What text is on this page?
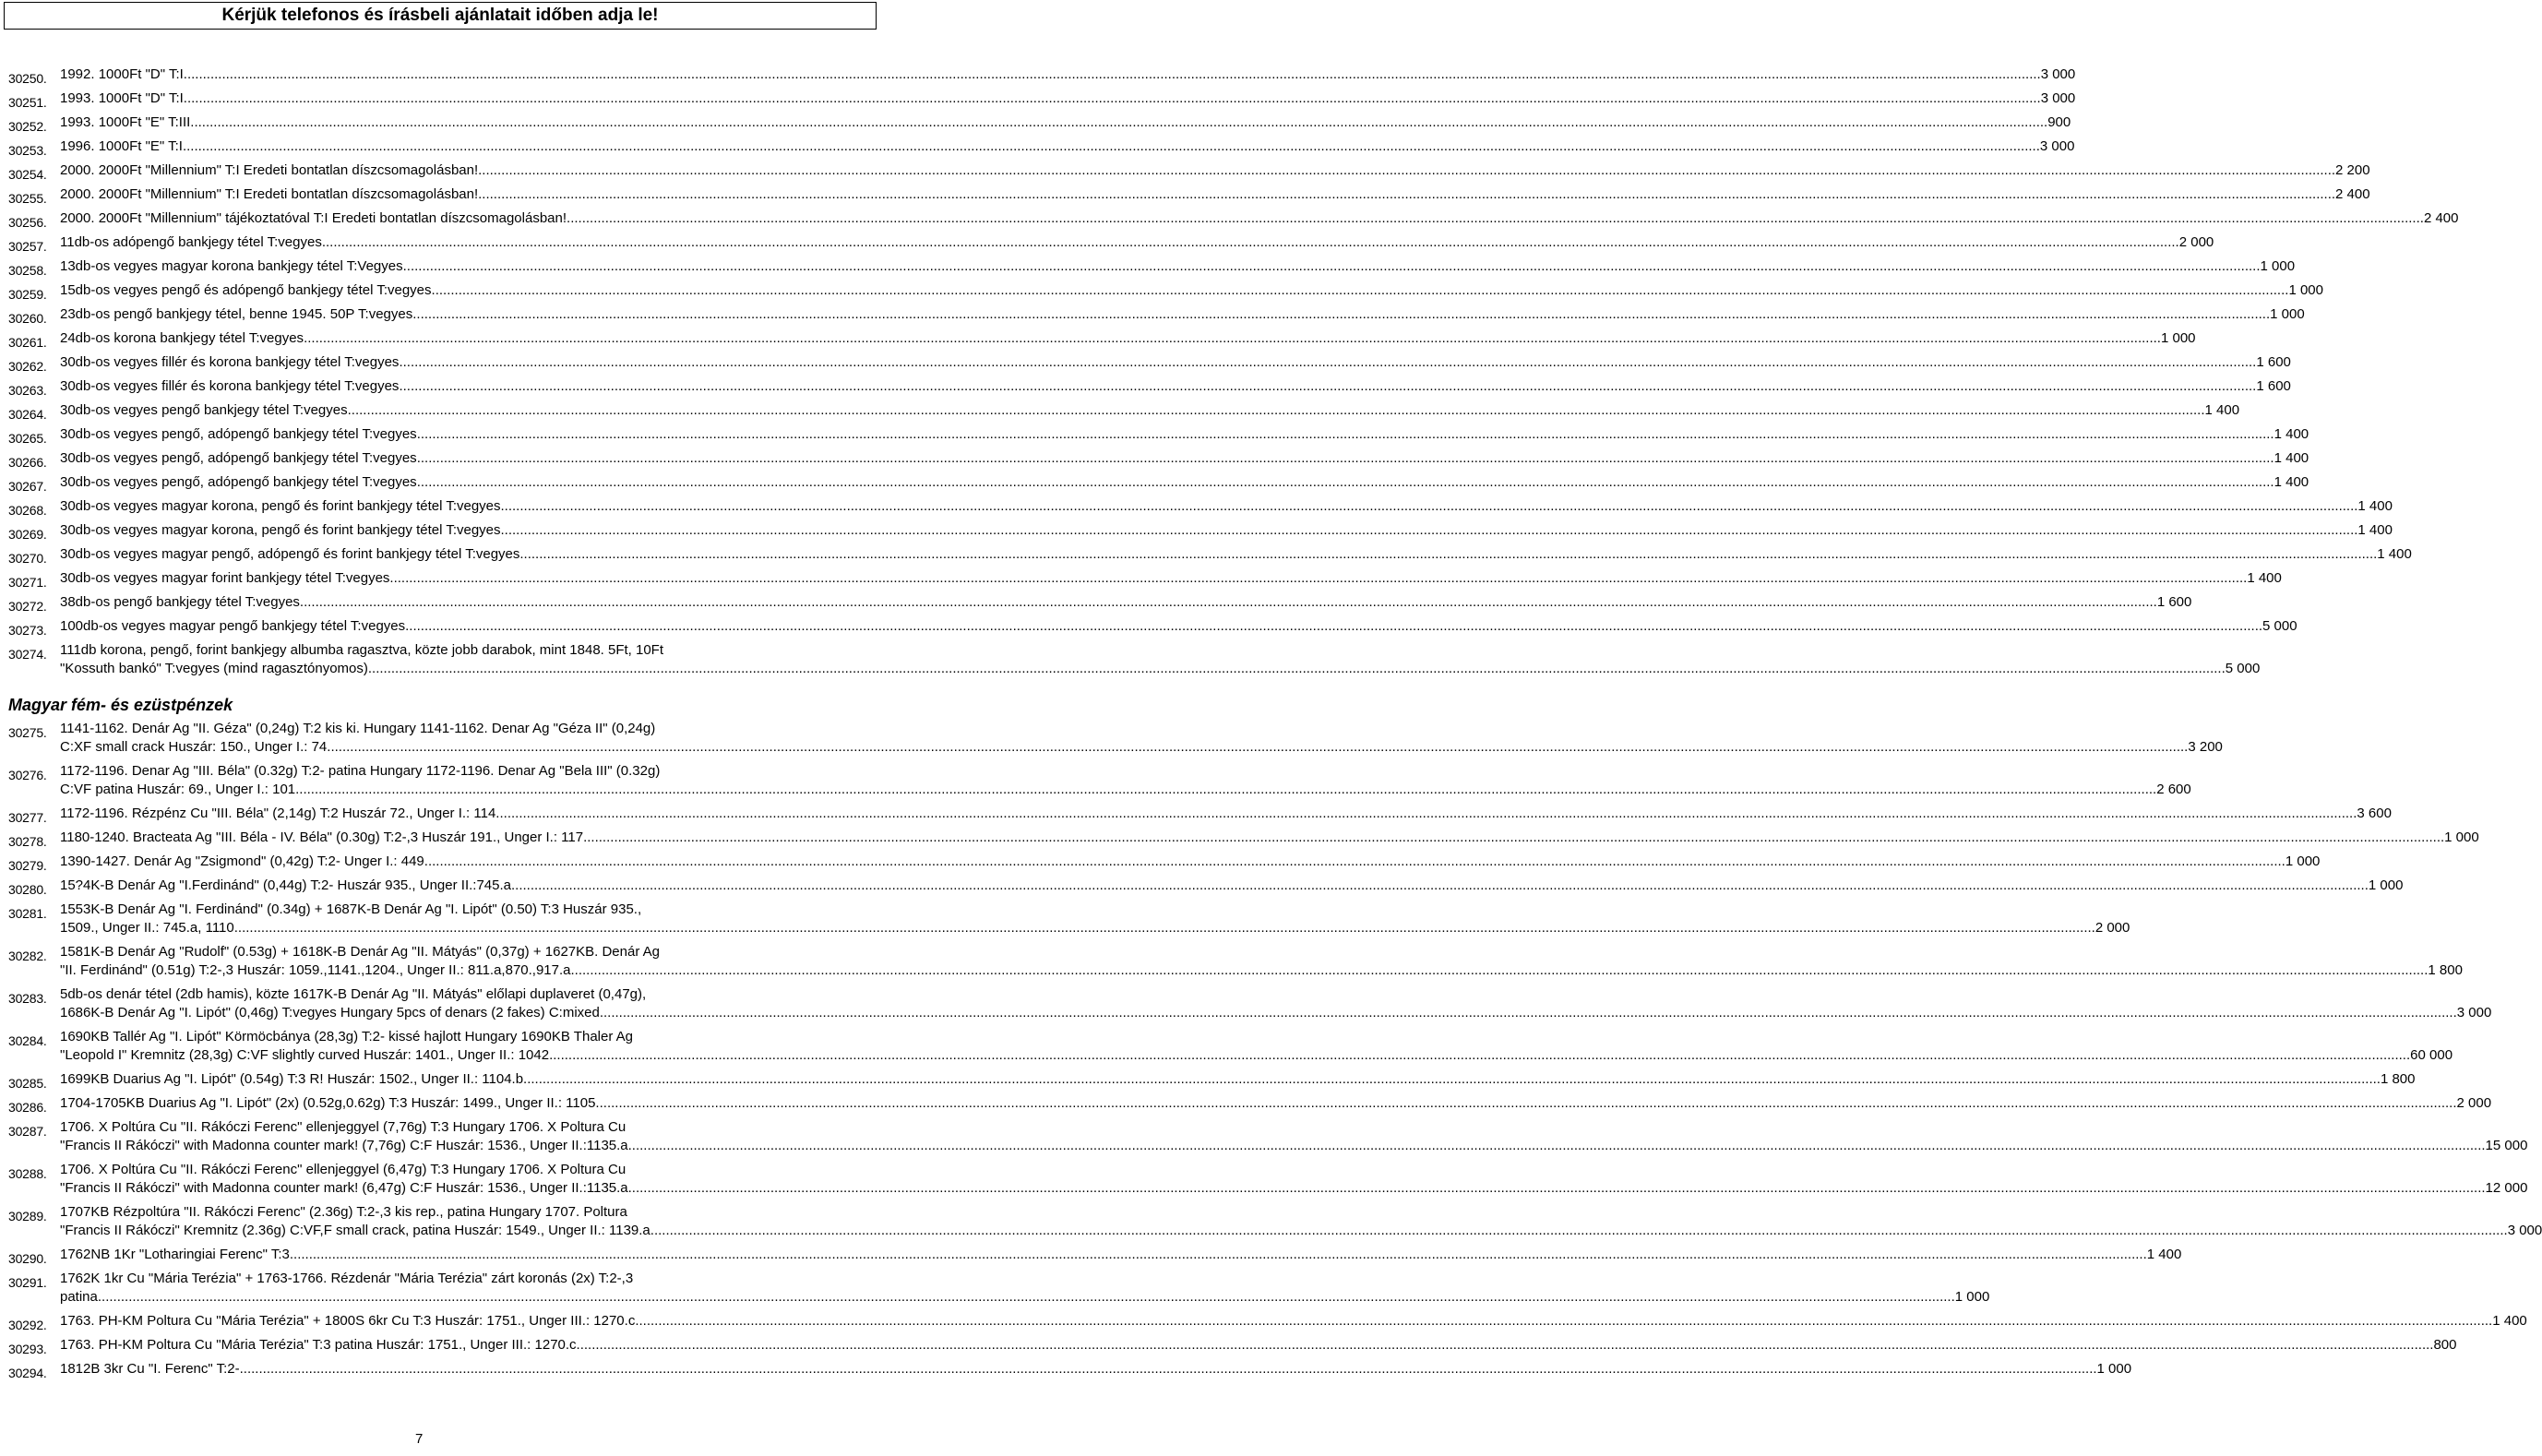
Kérjük telefonos és írásbeli ajánlatait időben adja le!
30250. 1992. 1000Ft "D" T:I .....	3 000
30251. 1993. 1000Ft "D" T:I .....	3 000
30252. 1993. 1000Ft "E" T:III .....	900
30253. 1996. 1000Ft "E" T:I .....	3 000
30254. 2000. 2000Ft "Millennium" T:I Eredeti bontatlan díszcsomagolásban! .....	2 200
30255. 2000. 2000Ft "Millennium" T:I Eredeti bontatlan díszcsomagolásban! .....	2 400
30256. 2000. 2000Ft "Millennium" tájékoztatóval T:I Eredeti bontatlan díszcsomagolásban! .....	2 400
30257. 11db-os adópengő bankjegy tétel T:vegyes .....	2 000
30258. 13db-os vegyes magyar korona bankjegy tétel T:Vegyes .....	1 000
30259. 15db-os vegyes pengő és adópengő bankjegy tétel T:vegyes .....	1 000
30260. 23db-os pengő bankjegy tétel, benne 1945. 50P T:vegyes .....	1 000
30261. 24db-os korona bankjegy tétel T:vegyes .....	1 000
30262. 30db-os vegyes fillér és korona bankjegy tétel T:vegyes .....	1 600
30263. 30db-os vegyes fillér és korona bankjegy tétel T:vegyes .....	1 600
30264. 30db-os vegyes pengő bankjegy tétel T:vegyes .....	1 400
30265. 30db-os vegyes pengő, adópengő bankjegy tétel T:vegyes .....	1 400
30266. 30db-os vegyes pengő, adópengő bankjegy tétel T:vegyes .....	1 400
30267. 30db-os vegyes pengő, adópengő bankjegy tétel T:vegyes .....	1 400
30268. 30db-os vegyes magyar korona, pengő és forint bankjegy tétel T:vegyes .....	1 400
30269. 30db-os vegyes magyar korona, pengő és forint bankjegy tétel T:vegyes .....	1 400
30270. 30db-os vegyes magyar pengő, adópengő és forint bankjegy tétel T:vegyes .....	1 400
30271. 30db-os vegyes magyar forint bankjegy tétel T:vegyes .....	1 400
30272. 38db-os pengő bankjegy tétel T:vegyes .....	1 600
30273. 100db-os vegyes magyar pengő bankjegy tétel T:vegyes .....	5 000
30274. 111db korona, pengő, forint bankjegy albumba ragasztva, közte jobb darabok, mint 1848. 5Ft, 10Ft
"Kossuth bankó" T:vegyes (mind ragasztónyomos) .....	5 000
Magyar fém- és ezüstpénzek
30275. 1141-1162. Denár Ag "II. Géza" (0,24g) T:2 kis ki. Hungary 1141-1162. Denar Ag "Géza II" (0,24g)
C:XF small crack Huszár: 150., Unger I.: 74. .....	3 200
30276. 1172-1196. Denar Ag "III. Béla" (0.32g) T:2- patina Hungary 1172-1196. Denar Ag "Bela III" (0.32g)
C:VF patina Huszár: 69., Unger I.: 101. .....	2 600
30277. 1172-1196. Rézpénz Cu "III. Béla" (2,14g) T:2 Huszár 72., Unger I.: 114. .....	3 600
30278. 1180-1240. Bracteata Ag "III. Béla - IV. Béla" (0.30g) T:2-,3 Huszár 191., Unger I.: 117. .....	1 000
30279. 1390-1427. Denár Ag "Zsigmond" (0,42g) T:2- Unger I.: 449. .....	1 000
30280. 15?4K-B Denár Ag "I.Ferdinánd" (0,44g) T:2- Huszár 935., Unger II.:745.a .....	1 000
30281. 1553K-B Denár Ag "I. Ferdinánd" (0.34g) + 1687K-B Denár Ag "I. Lipót" (0.50) T:3 Huszár 935.,
1509., Unger II.: 745.a, 1110. .....	2 000
30282. 1581K-B Denár Ag "Rudolf" (0.53g) + 1618K-B Denár Ag "II. Mátyás" (0,37g) + 1627KB. Denár Ag
"II. Ferdinánd" (0.51g) T:2-,3 Huszár: 1059.,1141.,1204., Unger II.: 811.a,870.,917.a .....	1 800
30283. 5db-os denár tétel (2db hamis), közte 1617K-B Denár Ag "II. Mátyás" előlapi duplaveret (0,47g),
1686K-B Denár Ag "I. Lipót" (0,46g) T:vegyes Hungary 5pcs of denars (2 fakes) C:mixed .....	3 000
30284. 1690KB Tallér Ag "I. Lipót" Körmöcbánya (28,3g) T:2- kissé hajlott Hungary 1690KB Thaler Ag
"Leopold I" Kremnitz (28,3g) C:VF slightly curved Huszár: 1401., Unger II.: 1042. .....	60 000
30285. 1699KB Duarius Ag "I. Lipót" (0.54g) T:3 R! Huszár: 1502., Unger II.: 1104.b .....	1 800
30286. 1704-1705KB Duarius Ag "I. Lipót" (2x) (0.52g,0.62g) T:3 Huszár: 1499., Unger II.: 1105. .....	2 000
30287. 1706. X Poltúra Cu "II. Rákóczi Ferenc" ellenjeggyel (7,76g) T:3 Hungary 1706. X Poltura Cu
"Francis II Rákóczi" with Madonna counter mark! (7,76g) C:F Huszár: 1536., Unger II.:1135.a .....	15 000
30288. 1706. X Poltúra Cu "II. Rákóczi Ferenc" ellenjeggyel (6,47g) T:3 Hungary 1706. X Poltura Cu
"Francis II Rákóczi" with Madonna counter mark! (6,47g) C:F Huszár: 1536., Unger II.:1135.a .....	12 000
30289. 1707KB Rézpoltúra "II. Rákóczi Ferenc" (2.36g) T:2-,3 kis rep., patina Hungary 1707. Poltura
"Francis II Rákóczi" Kremnitz (2.36g) C:VF,F small crack, patina Huszár: 1549., Unger II.: 1139.a .....	3 000
30290. 1762NB 1Kr "Lotharingiai Ferenc" T:3 .....	1 400
30291. 1762K 1kr Cu "Mária Terézia" + 1763-1766. Rézdenár "Mária Terézia" zárt koronás (2x) T:2-,3
patina .....	1 000
30292. 1763. PH-KM Poltura Cu "Mária Terézia" + 1800S 6kr Cu T:3 Huszár: 1751., Unger III.: 1270.c .....	1 400
30293. 1763. PH-KM Poltura Cu "Mária Terézia" T:3 patina Huszár: 1751., Unger III.: 1270.c .....	800
30294. 1812B 3kr Cu "I. Ferenc" T:2- .....	1 000
7
